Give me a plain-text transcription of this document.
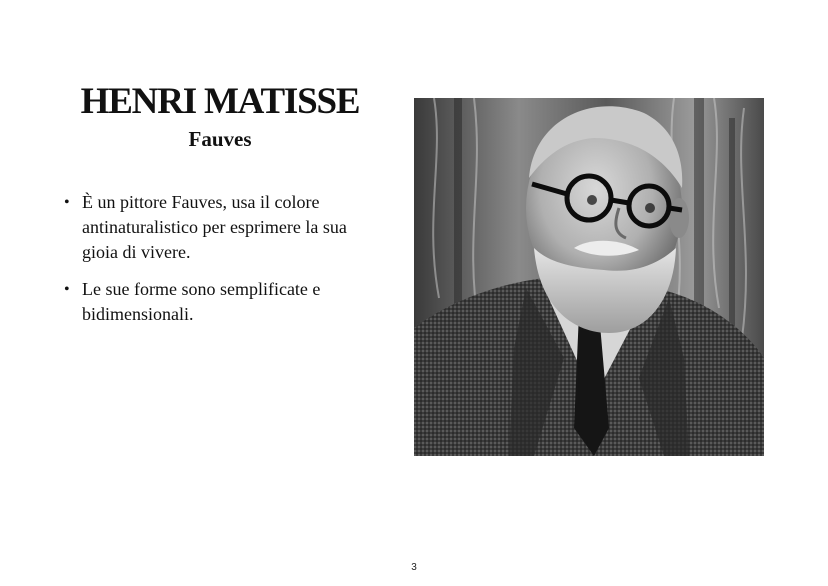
HENRI MATISSE
Fauves
• È un pittore Fauves, usa il colore antinaturalistico per esprimere la sua gioia di vivere.
• Le sue forme sono semplificate e bidimensionali.
3
